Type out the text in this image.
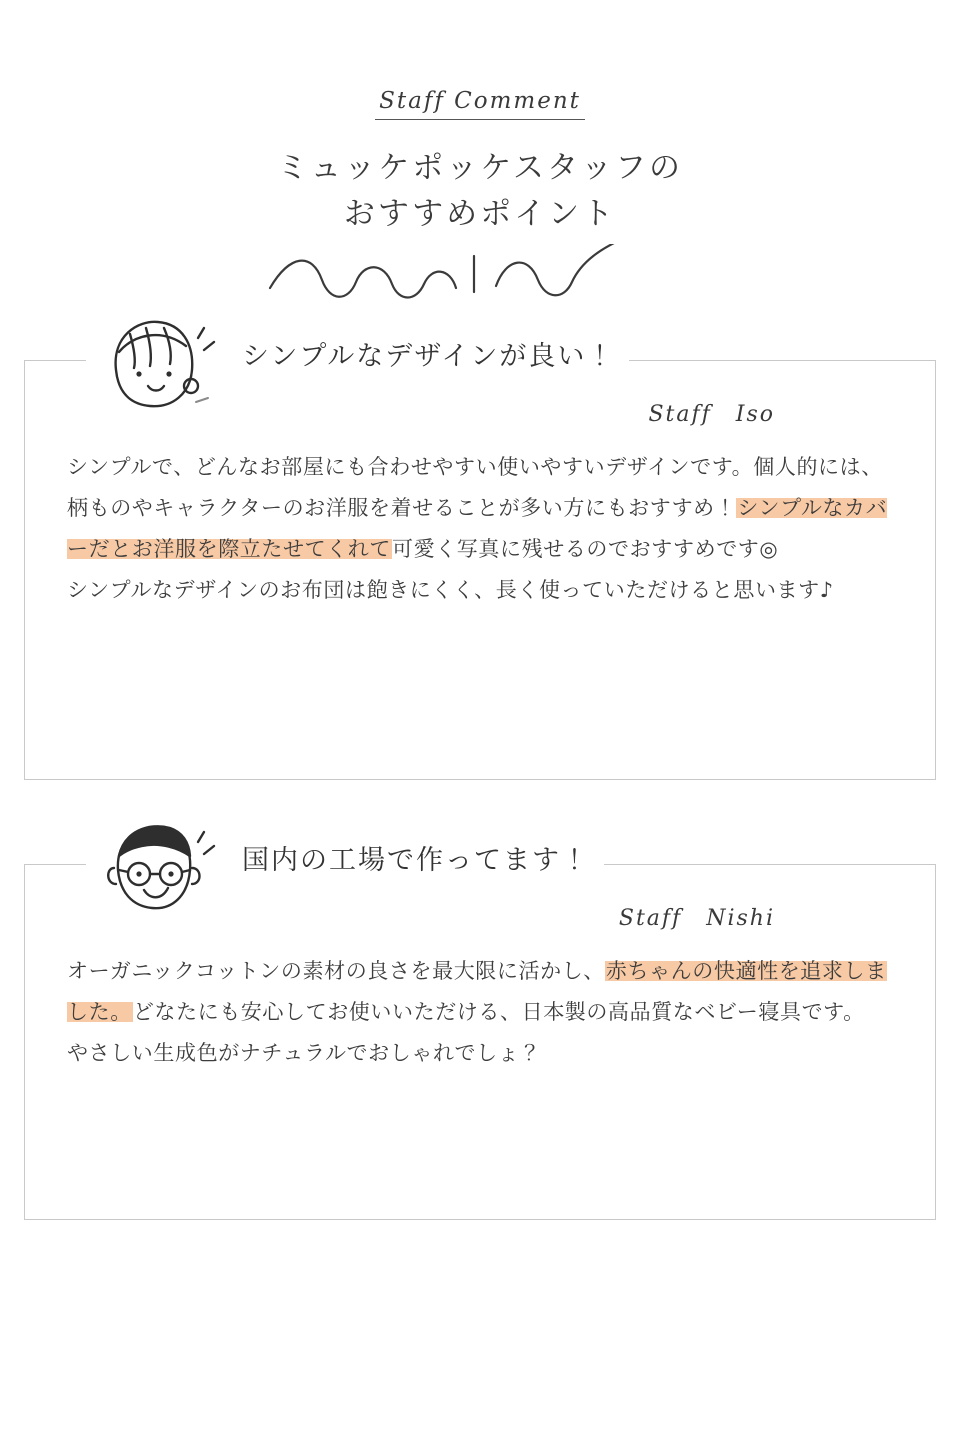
Staff Comment
ミュッケポッケスタッフの
おすすめポイント
シンプルなデザインが良い！
Staff　Iso

シンプルで、どんなお部屋にも合わせやすい使いやすいデザインです。個人的には、柄ものやキャラクターのお洋服を着せることが多い方にもおすすめ！シンプルなカバーだとお洋服を際立たせてくれて可愛く写真に残せるのでおすすめです◎

シンプルなデザインのお布団は飽きにくく、長く使っていただけると思います♪

国内の工場で作ってます！
Staff　Nishi

オーガニックコットンの素材の良さを最大限に活かし、赤ちゃんの快適性を追求しました。どなたにも安心してお使いいただける、日本製の高品質なベビー寝具です。

やさしい生成色がナチュラルでおしゃれでしょ？
